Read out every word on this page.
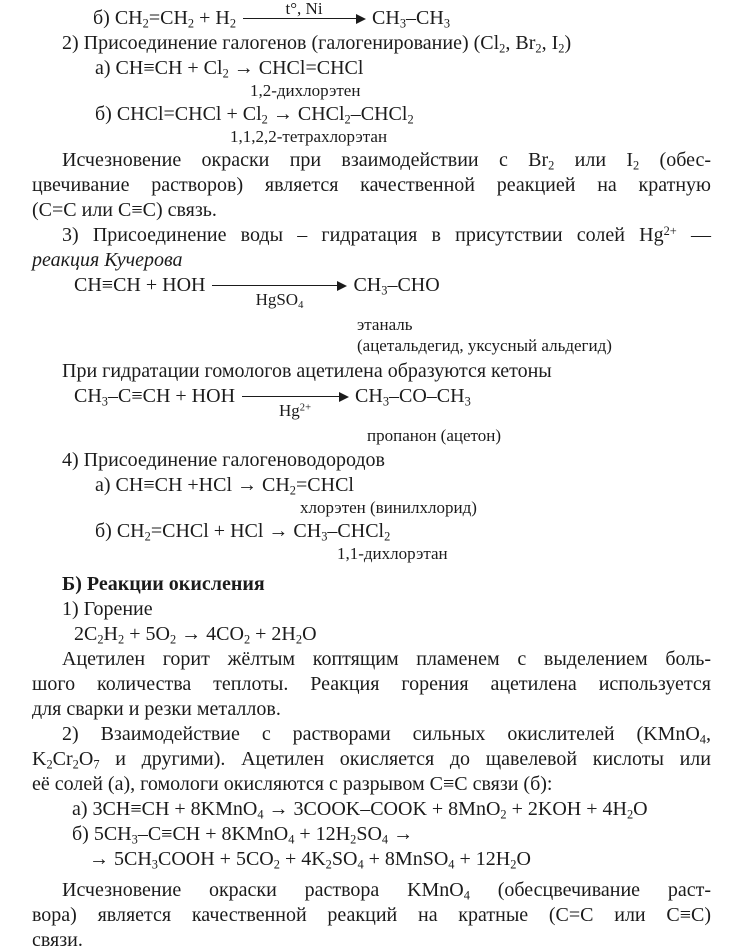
б) $CH_2=CH_2 + H_2$
t°, Ni	$CH_3-CH_3$
2) Присоединение галогенов (галогенирование) ($Cl_2$, $Br_2$, $I_2$)
а) $CH\equiv CH + Cl_2$ → CHCl=CHCl
1,2-дихлорэтен
б) CHCl=CHCl + $Cl_2$ → CHCl$_2$–CHCl$_2$
1,1,2,2-тетрахлорэтан
Исчезновение окраски при взаимодействии с $Br_2$ или $I_2$ (обес-
цвечивание растворов) является качественной реакцией на кратную
(C=C или C≡C) связь.
3) Присоединение воды – гидратация в присутствии солей $Hg^{2+}$ —
реакция Кучерова
CH≡CH + HOH
HgSO$_4$
$CH_3$–CHO
этаналь
(ацетальдегид, уксусный альдегид)
При гидратации гомологов ацетилена образуются кетоны
$CH_3-C\equiv CH$ + HOH
$Hg^{2+}$
$CH_3-CO-CH_3$
пропанон (ацетон)
4) Присоединение галогеноводородов
а) $CH\equiv CH +HCl \to CH_2=CHCl$
хлорэтен (винилхлорид)
б) $CH_2=CHCl$ + HCl → $CH_3-CHCl_2$
1,1-дихлорэтан
Б) Реакции окисления
1) Горение
$2C_2H_2 + 5O_2 \to 4CO_2 + 2H_2O$
Ацетилен горит жёлтым коптящим пламенем с выделением боль-
шого количества теплоты. Реакция горения ацетилена используется
для сварки и резки металлов.
2) Взаимодействие с растворами сильных окислителей (KMnO$_4$,
$K_2Cr_2O_7$ и другими). Ацетилен окисляется до щавелевой кислоты или
её солей (а), гомологи окисляются с разрывом C≡C связи (б):
а) 3CH≡CH + 8KMnO$_4$ → 3COOK–COOK + $8MnO_2 + 2KOH + 4H_2O$
б) $5CH_3-C\equiv CH$ + 8KMnO$_4$ + $12H_2SO_4$ →
→ $5CH_3COOH + 5CO_2 + 4K_2SO_4$ + 8MnSO$_4$ + $12H_2O$
Исчезновение окраски раствора KMnO$_4$ (обесцвечивание раст-
вора) является качественной реакций на кратные (C=C или C≡C)
связи.
